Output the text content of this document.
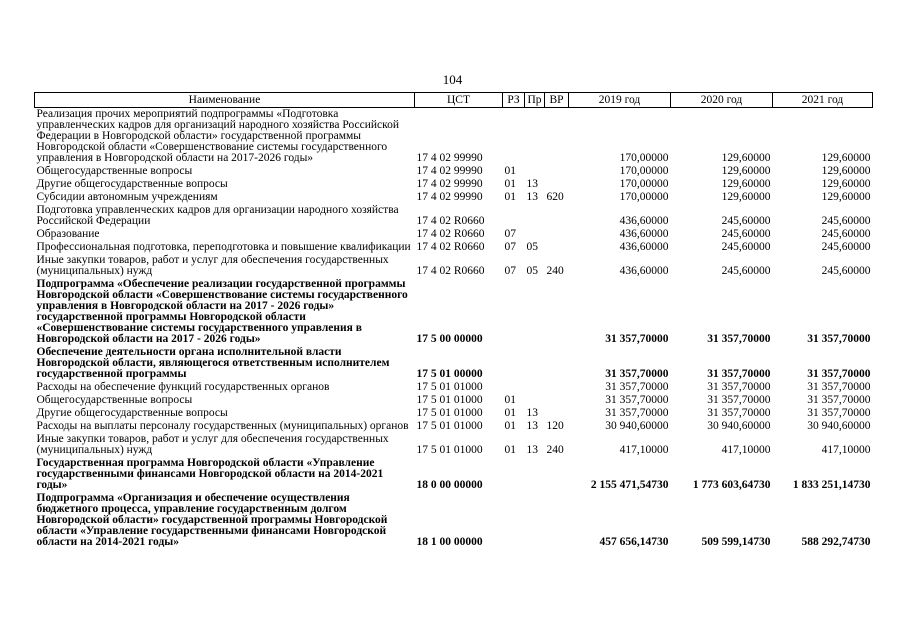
104
Наименование	ЦСТ	РЗ	Пр	ВР	2019 год	2020 год	2021 год
Реализация прочих мероприятий подпрограммы «Подготовка управленческих кадров для организаций народного хозяйства Российской Федерации в Новгородской области» государственной программы Новгородской области «Совершенствование системы государственного управления в Новгородской области на 2017-2026 годы»	17 4 02 99990				170,00000	129,60000	129,60000
Общегосударственные вопросы	17 4 02 99990	01			170,00000	129,60000	129,60000
Другие общегосударственные вопросы	17 4 02 99990	01	13		170,00000	129,60000	129,60000
Субсидии автономным учреждениям	17 4 02 99990	01	13	620	170,00000	129,60000	129,60000
Подготовка управленческих кадров для организации народного хозяйства Российской Федерации	17 4 02 R0660				436,60000	245,60000	245,60000
Образование	17 4 02 R0660	07			436,60000	245,60000	245,60000
Профессиональная подготовка, переподготовка и повышение квалификации	17 4 02 R0660	07	05		436,60000	245,60000	245,60000
Иные закупки товаров, работ и услуг для обеспечения государственных (муниципальных) нужд	17 4 02 R0660	07	05	240	436,60000	245,60000	245,60000
Подпрограмма «Обеспечение реализации государственной программы Новгородской области «Совершенствование системы государственного управления в Новгородской области на 2017 - 2026 годы» государственной программы Новгородской области «Совершенствование системы государственного управления в Новгородской области на 2017 - 2026 годы»	17 5 00 00000				31 357,70000	31 357,70000	31 357,70000
Обеспечение деятельности органа исполнительной власти Новгородской области, являющегося ответственным исполнителем государственной программы	17 5 01 00000				31 357,70000	31 357,70000	31 357,70000
Расходы на обеспечение функций государственных органов	17 5 01 01000				31 357,70000	31 357,70000	31 357,70000
Общегосударственные вопросы	17 5 01 01000	01			31 357,70000	31 357,70000	31 357,70000
Другие общегосударственные вопросы	17 5 01 01000	01	13		31 357,70000	31 357,70000	31 357,70000
Расходы на выплаты персоналу государственных (муниципальных) органов	17 5 01 01000	01	13	120	30 940,60000	30 940,60000	30 940,60000
Иные закупки товаров, работ и услуг для обеспечения государственных (муниципальных) нужд	17 5 01 01000	01	13	240	417,10000	417,10000	417,10000
Государственная программа Новгородской области «Управление государственными финансами Новгородской области на 2014-2021 годы»	18 0 00 00000				2 155 471,54730	1 773 603,64730	1 833 251,14730
Подпрограмма «Организация и обеспечение осуществления бюджетного процесса, управление государственным долгом Новгородской области» государственной программы Новгородской области «Управление государственными финансами Новгородской области на 2014-2021 годы»	18 1 00 00000				457 656,14730	509 599,14730	588 292,74730
